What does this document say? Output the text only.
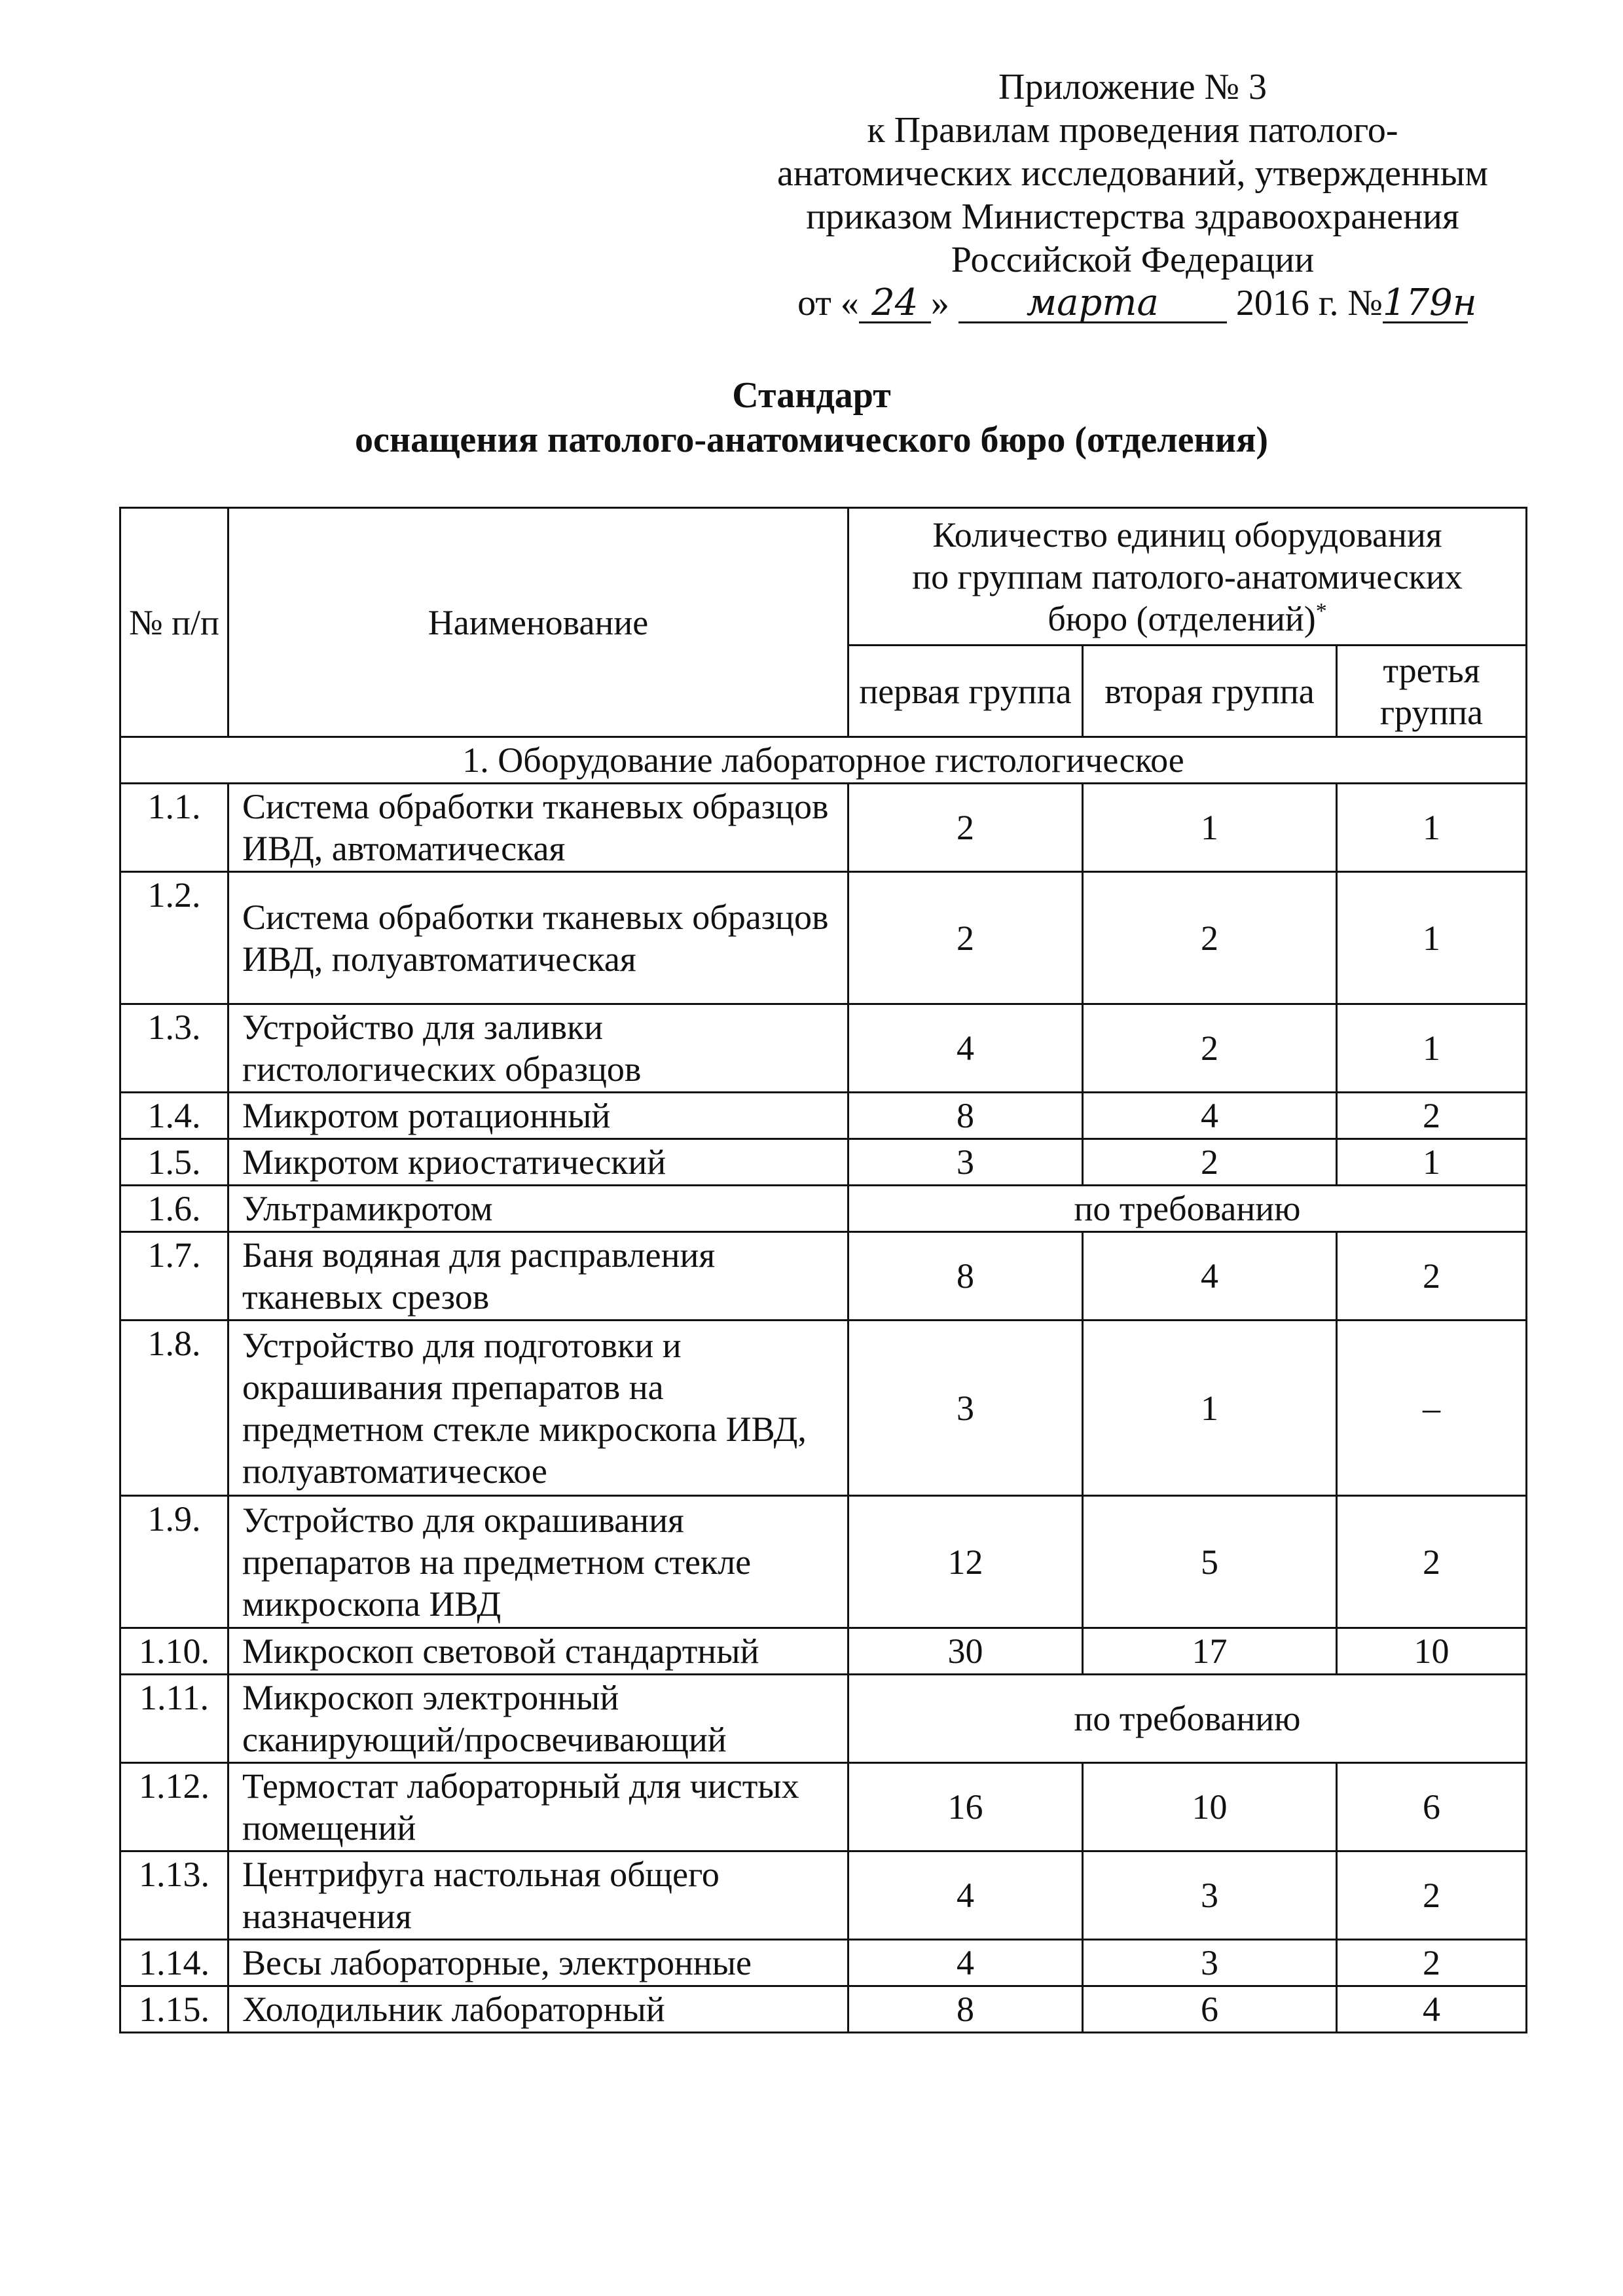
Приложение № 3
к Правилам проведения патолого-
анатомических исследований, утвержденным
приказом Министерства здравоохранения
Российской Федерации
от « 24 » марта 2016 г. №179н
Стандарт
оснащения патолого-анатомического бюро (отделения)
№ п/п	Наименование	Количество единиц оборудования
по группам патолого-анатомических
бюро (отделений)*
		первая группа	вторая группа	третья группа
1. Оборудование лабораторное гистологическое				
1.1.	Система обработки тканевых образцов ИВД, автоматическая	2	1	1
1.2.	Система обработки тканевых образцов ИВД, полуавтоматическая	2	2	1
1.3.	Устройство для заливки гистологических образцов	4	2	1
1.4.	Микротом ротационный	8	4	2
1.5.	Микротом криостатический	3	2	1
1.6.	Ультрамикротом	по требованию		
1.7.	Баня водяная для расправления тканевых срезов	8	4	2
1.8.	Устройство для подготовки и окрашивания препаратов на предметном стекле микроскопа ИВД, полуавтоматическое	3	1	–
1.9.	Устройство для окрашивания препаратов на предметном стекле микроскопа ИВД	12	5	2
1.10.	Микроскоп световой стандартный	30	17	10
1.11.	Микроскоп электронный сканирующий/просвечивающий	по требованию		
1.12.	Термостат лабораторный для чистых помещений	16	10	6
1.13.	Центрифуга настольная общего назначения	4	3	2
1.14.	Весы лабораторные, электронные	4	3	2
1.15.	Холодильник лабораторный	8	6	4
